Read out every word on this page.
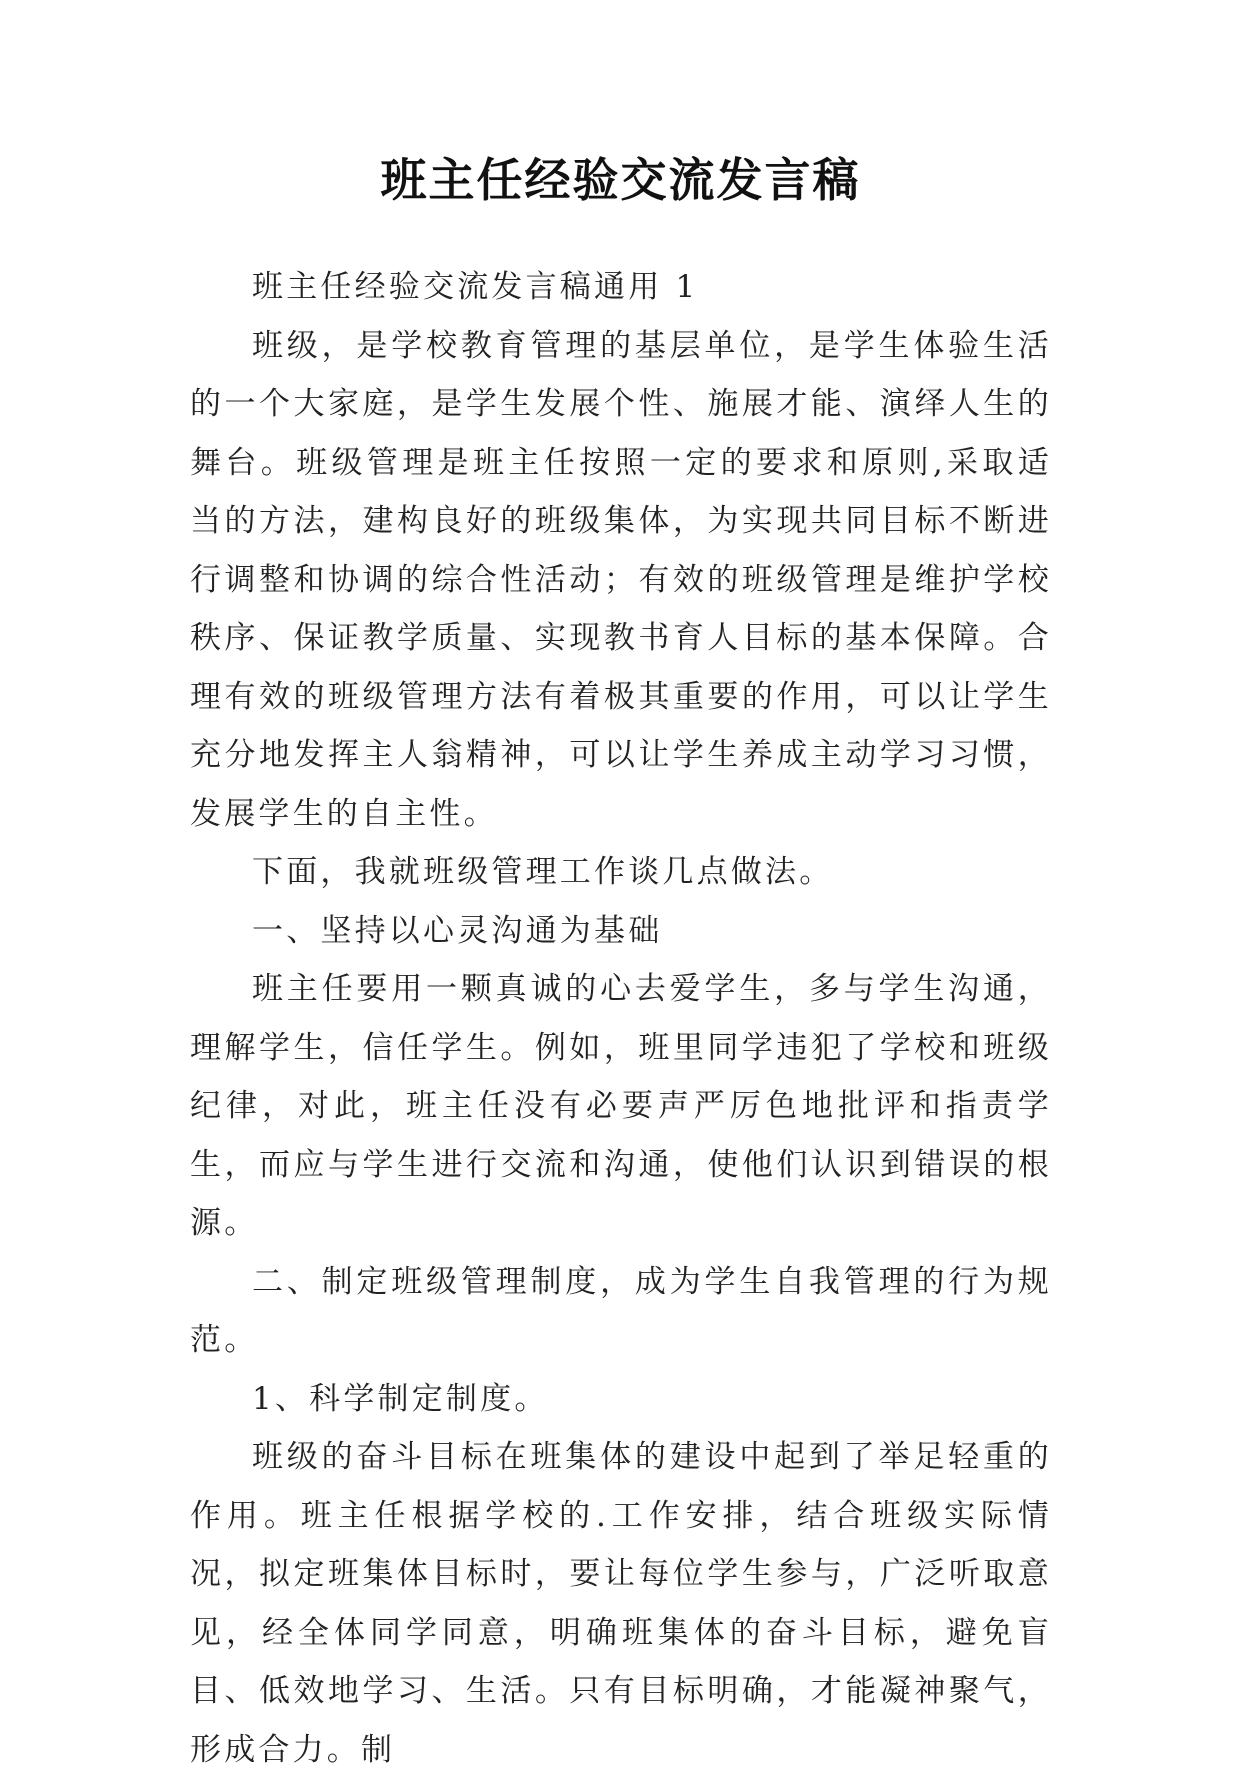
班主任经验交流发言稿

班主任经验交流发言稿通用 1

班级，是学校教育管理的基层单位，是学生体验生活的一个大家庭，是学生发展个性、施展才能、演绎人生的舞台。班级管理是班主任按照一定的要求和原则,采取适当的方法，建构良好的班级集体，为实现共同目标不断进行调整和协调的综合性活动；有效的班级管理是维护学校秩序、保证教学质量、实现教书育人目标的基本保障。合理有效的班级管理方法有着极其重要的作用，可以让学生充分地发挥主人翁精神，可以让学生养成主动学习习惯，发展学生的自主性。

下面，我就班级管理工作谈几点做法。

一、坚持以心灵沟通为基础

班主任要用一颗真诚的心去爱学生，多与学生沟通，理解学生，信任学生。例如，班里同学违犯了学校和班级纪律，对此，班主任没有必要声严厉色地批评和指责学生，而应与学生进行交流和沟通，使他们认识到错误的根源。

二、制定班级管理制度，成为学生自我管理的行为规范。

1、科学制定制度。

班级的奋斗目标在班集体的建设中起到了举足轻重的作用。班主任根据学校的.工作安排，结合班级实际情况，拟定班集体目标时，要让每位学生参与，广泛听取意见，经全体同学同意，明确班集体的奋斗目标，避免盲目、低效地学习、生活。只有目标明确，才能凝神聚气，形成合力。制
